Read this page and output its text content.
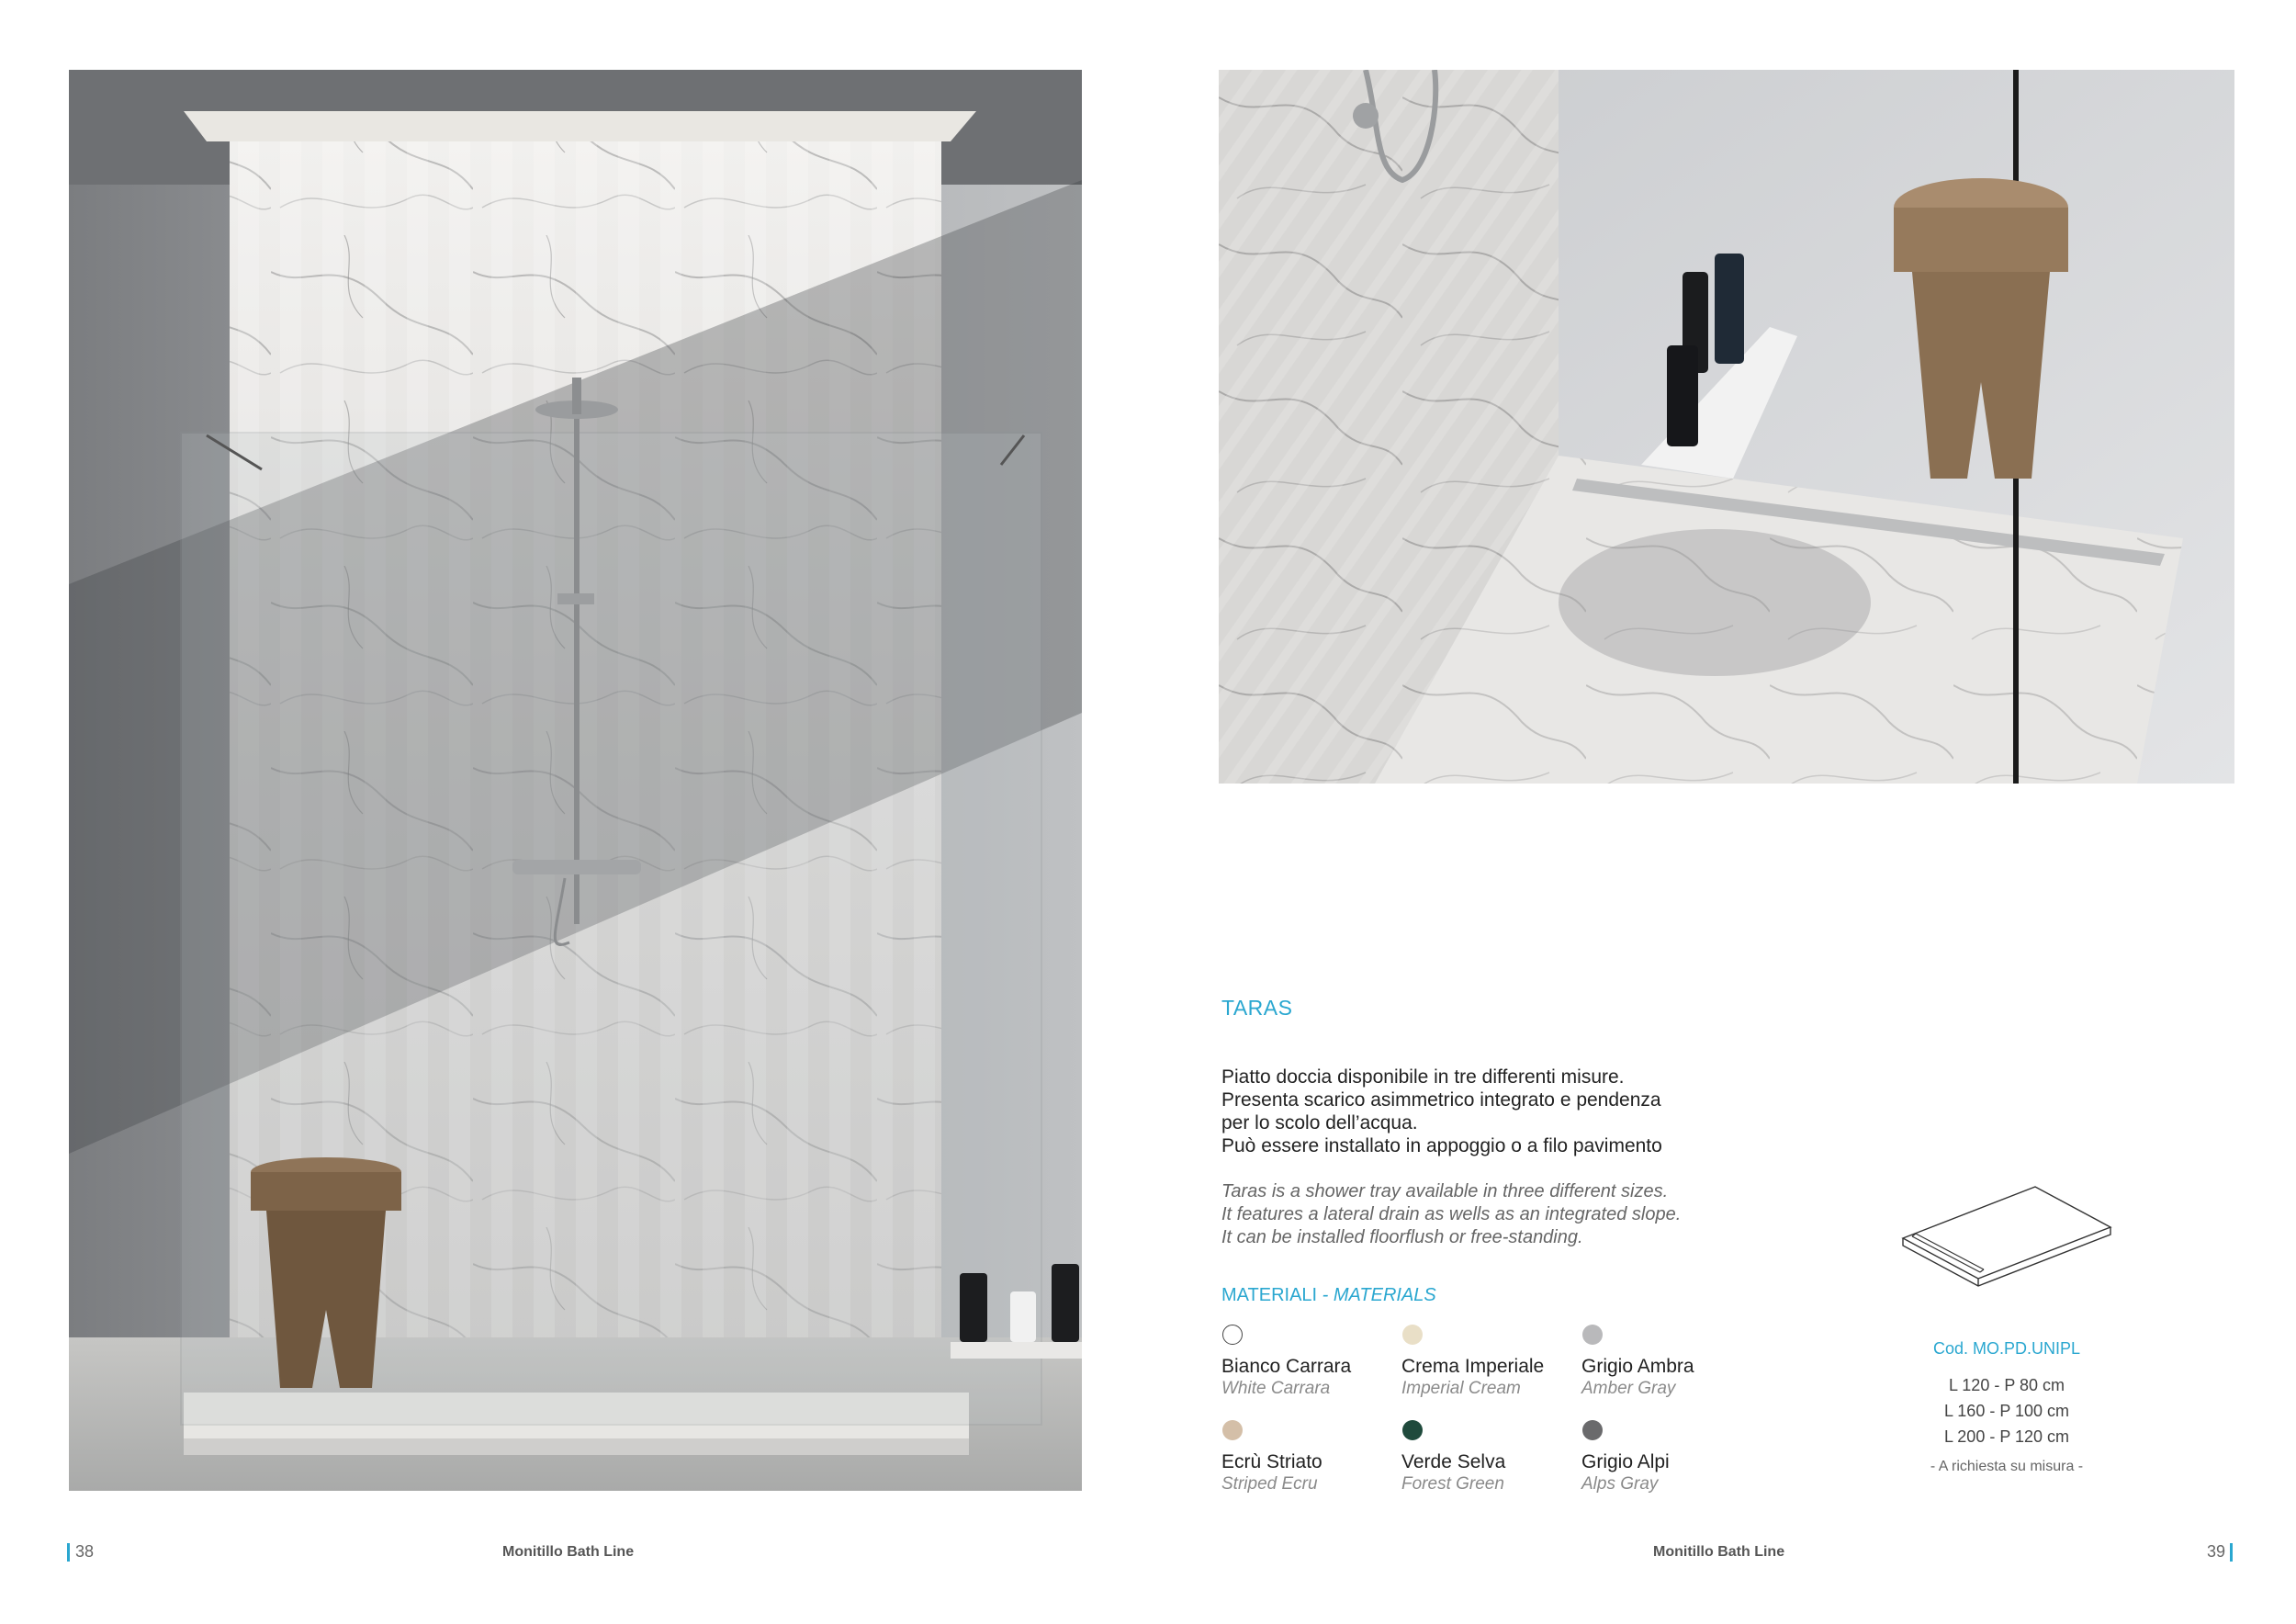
TARAS
Piatto doccia disponibile in tre differenti misure.
Presenta scarico asimmetrico integrato e pendenza
per lo scolo dell’acqua.
Può essere installato in appoggio o a filo pavimento
Taras is a shower tray available in three different sizes.
It features a lateral drain as wells as an integrated slope.
It can be installed floorflush or free-standing.
MATERIALI - MATERIALS
Bianco Carrara
White Carrara
Crema Imperiale
Imperial Cream
Grigio Ambra
Amber Gray
Ecrù Striato
Striped Ecru
Verde Selva
Forest Green
Grigio Alpi
Alps Gray
Cod. MO.PD.UNIPL
L 120 - P 80 cm
L 160 - P 100 cm
L 200 - P 120 cm
- A richiesta su misura -
38	Monitillo Bath Line	Monitillo Bath Line	39
